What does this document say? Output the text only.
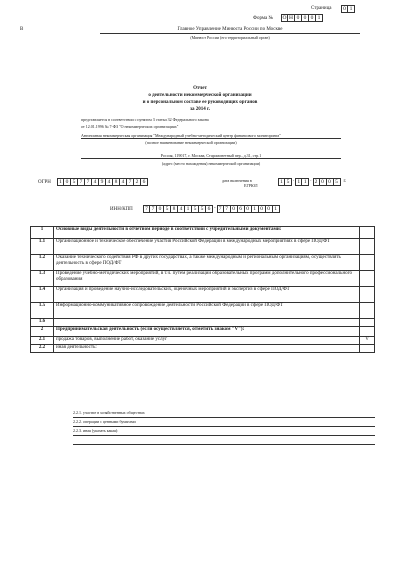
Страница	0 1
Форма № О Н 0 0 0 1
В	Главное Управление Минюста России по Москве
(Минюст России (его территориальный орган)
Отчет
о деятельности некоммерческой организации
и о персональном составе ее руководящих органов
за 2014 г.
представляется в соответствии с пунктом 3 статьи 32 Федерального закона
от 12.01.1996 № 7-ФЗ "О некоммерческих организациях"
Автономная некоммерческая организация "Международный учебно-методический центр финансового мониторинга"
(полное наименование некоммерческой организации)
Россия, 119017, г. Москва, Старомонетный пер., д.31, стр.1
(адрес (место нахождения) некоммерческой организации)
ОГРН	1 0 5 7 7 4 9 4 8 4 7 2 6	дата включения в
ЕГРЮЛ
1 5 . 1 1 . 2 0 0 5	г.
ИНН/КПП	7 7 0 5 8 4 1 5 5 6 - 7 7 0 6 0 1 0 0 1
1	Основные виды деятельности в отчетном периоде в соответствии с учредительными документами:	
1.1	Организационное и техническое обеспечение участия Российской Федерации в международных мероприятиях в сфере ПОД/ФТ	
1.2	Оказание технического содействия РФ в других государствах, а также международным и региональным организациям, осуществлять деятельность в сфере ПОД/ФТ	
1.3	Проведение учебно-методических мероприятий, в т.ч. путем реализации образовательных программ дополнительного профессионального образования	
1.4	Организация и проведение научно-исследовательских, оценочных мероприятий и экспертиз в сфере ПОД/ФТ	
1.5	Информационно-коммуникативное сопровождение деятельности Российской Федерации в сфере ПОД/ФТ	
1.6		
2	Предпринимательская деятельность (если осуществляется, отметить знаком "V"):	
2.1	продажа товаров, выполнение работ, оказание услуг	V
2.2	иная деятельность:	
2.2.1. участие в хозяйственных обществах
2.2.2. операции с ценными бумагами
2.2.3. иная (указать какая):
